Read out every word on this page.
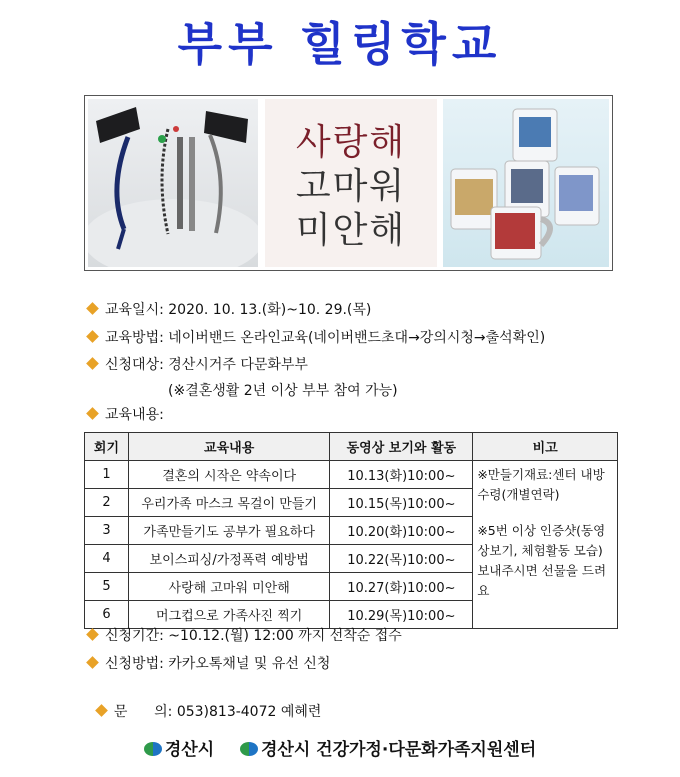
부부 힐링학교
사랑해
고마워
미안해
교육일시: 2020. 10. 13.(화)~10. 29.(목)
교육방법: 네이버밴드 온라인교육(네이버밴드초대→강의시청→출석확인)
신청대상: 경산시거주 다문화부부
(※결혼생활 2년 이상 부부 참여 가능)
교육내용:
회기	교육내용	동영상 보기와 활동	비고
1	결혼의 시작은 약속이다	10.13(화)10:00~	※만들기재료:센터 내방수령(개별연락)
※5번 이상 인증샷(동영상보기, 체험활동 모습) 보내주시면 선물을 드려요

2	우리가족 마스크 목걸이 만들기	10.15(목)10:00~	
3	가족만들기도 공부가 필요하다	10.20(화)10:00~	
4	보이스피싱/가정폭력 예방법	10.22(목)10:00~	
5	사랑해 고마워 미안해	10.27(화)10:00~	
6	머그컵으로 가족사진 찍기	10.29(목)10:00~	
신청기간: ~10.12.(월) 12:00 까지 선착순 접수
신청방법: 카카오톡채널 및 유선 신청

문      의: 053)813-4072 예혜련

경산시	경산시 건강가정·다문화가족지원센터
